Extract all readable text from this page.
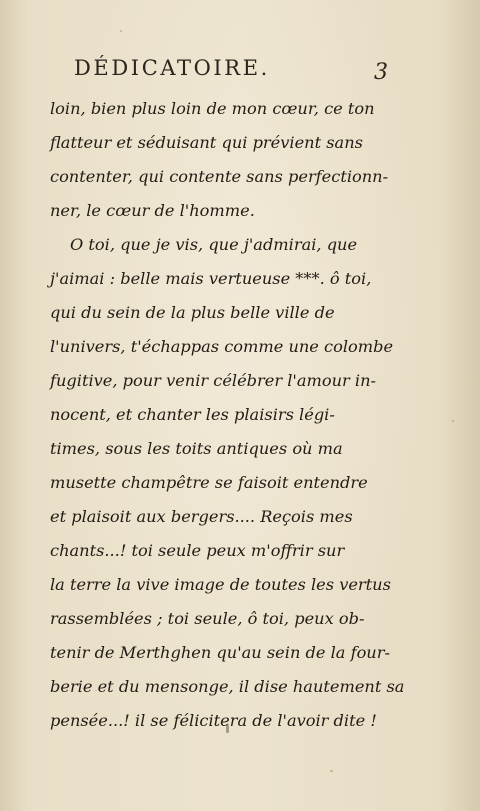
DÉDICATOIRE.	3
loin, bien plus loin de mon cœur, ce ton
flatteur et séduisant qui prévient sans
contenter, qui contente sans perfectionn-
ner, le cœur de l'homme.
O toi, que je vis, que j'admirai, que
j'aimai : belle mais vertueuse ***. ô toi,
qui du sein de la plus belle ville de
l'univers, t'échappas comme une colombe
fugitive, pour venir célébrer l'amour in-
nocent, et chanter les plaisirs légi-
times, sous les toits antiques où ma
musette champêtre se faisoit entendre
et plaisoit aux bergers.... Reçois mes
chants...! toi seule peux m'offrir sur
la terre la vive image de toutes les vertus
rassemblées ; toi seule, ô toi, peux ob-
tenir de Merthghen qu'au sein de la four-
berie et du mensonge, il dise hautement sa
pensée...! il se félicitera de l'avoir dite !
